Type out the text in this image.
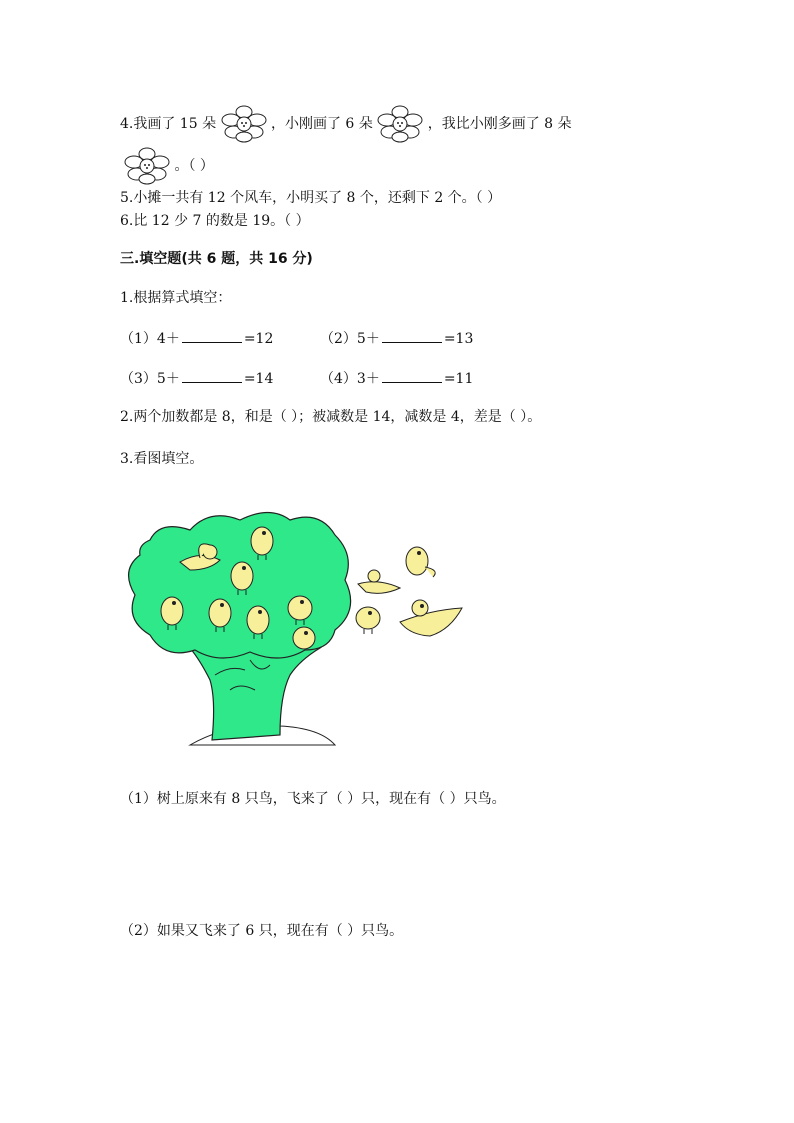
4.我画了 15 朵	，小刚画了 6 朵	，我比小刚多画了 8 朵
。（ ）
5.小摊一共有 12 个风车，小明买了 8 个，还剩下 2 个。（ ）
6.比 12 少 7 的数是 19。（ ）
三.填空题(共 6 题，共 16 分)
1.根据算式填空：
（1）4＋	=12	（2）5＋	=13
（3）5＋	=14	（4）3＋	=11
2.两个加数都是 8，和是（ ）；被减数是 14，减数是 4，差是（ ）。
3.看图填空。
（1）树上原来有 8 只鸟，飞来了（ ）只，现在有（ ）只鸟。
（2）如果又飞来了 6 只，现在有（ ）只鸟。
